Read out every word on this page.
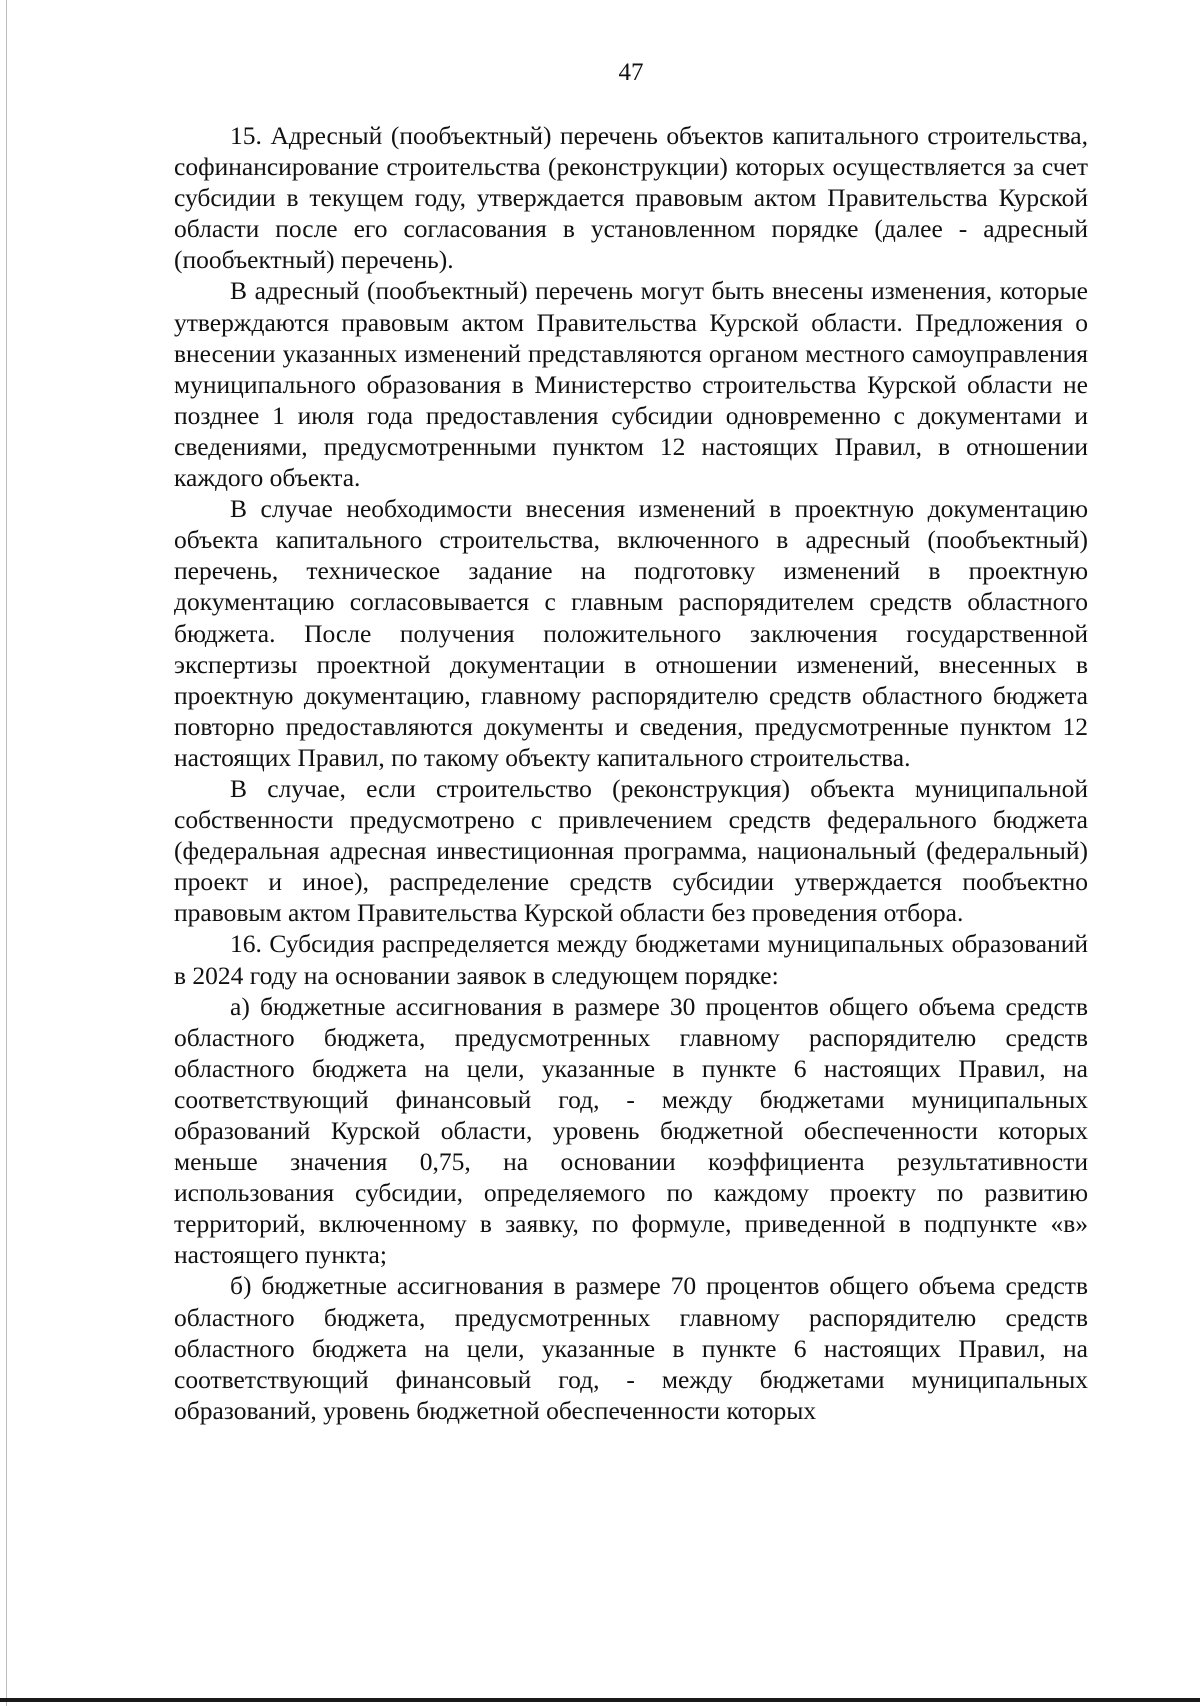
47

15. Адресный (пообъектный) перечень объектов капитального строительства, софинансирование строительства (реконструкции) которых осуществляется за счет субсидии в текущем году, утверждается правовым актом Правительства Курской области после его согласования в установленном порядке (далее - адресный (пообъектный) перечень).

В адресный (пообъектный) перечень могут быть внесены изменения, которые утверждаются правовым актом Правительства Курской области. Предложения о внесении указанных изменений представляются органом местного самоуправления муниципального образования в Министерство строительства Курской области не позднее 1 июля года предоставления субсидии одновременно с документами и сведениями, предусмотренными пунктом 12 настоящих Правил, в отношении каждого объекта.

В случае необходимости внесения изменений в проектную документацию объекта капитального строительства, включенного в адресный (пообъектный) перечень, техническое задание на подготовку изменений в проектную документацию согласовывается с главным распорядителем средств областного бюджета. После получения положительного заключения государственной экспертизы проектной документации в отношении изменений, внесенных в проектную документацию, главному распорядителю средств областного бюджета повторно предоставляются документы и сведения, предусмотренные пунктом 12 настоящих Правил, по такому объекту капитального строительства.

В случае, если строительство (реконструкция) объекта муниципальной собственности предусмотрено с привлечением средств федерального бюджета (федеральная адресная инвестиционная программа, национальный (федеральный) проект и иное), распределение средств субсидии утверждается пообъектно правовым актом Правительства Курской области без проведения отбора.

16. Субсидия распределяется между бюджетами муниципальных образований в 2024 году на основании заявок в следующем порядке:

а) бюджетные ассигнования в размере 30 процентов общего объема средств областного бюджета, предусмотренных главному распорядителю средств областного бюджета на цели, указанные в пункте 6 настоящих Правил, на соответствующий финансовый год, - между бюджетами муниципальных образований Курской области, уровень бюджетной обеспеченности которых меньше значения 0,75, на основании коэффициента результативности использования субсидии, определяемого по каждому проекту по развитию территорий, включенному в заявку, по формуле, приведенной в подпункте «в» настоящего пункта;

б) бюджетные ассигнования в размере 70 процентов общего объема средств областного бюджета, предусмотренных главному распорядителю средств областного бюджета на цели, указанные в пункте 6 настоящих Правил, на соответствующий финансовый год, - между бюджетами муниципальных образований, уровень бюджетной обеспеченности которых
